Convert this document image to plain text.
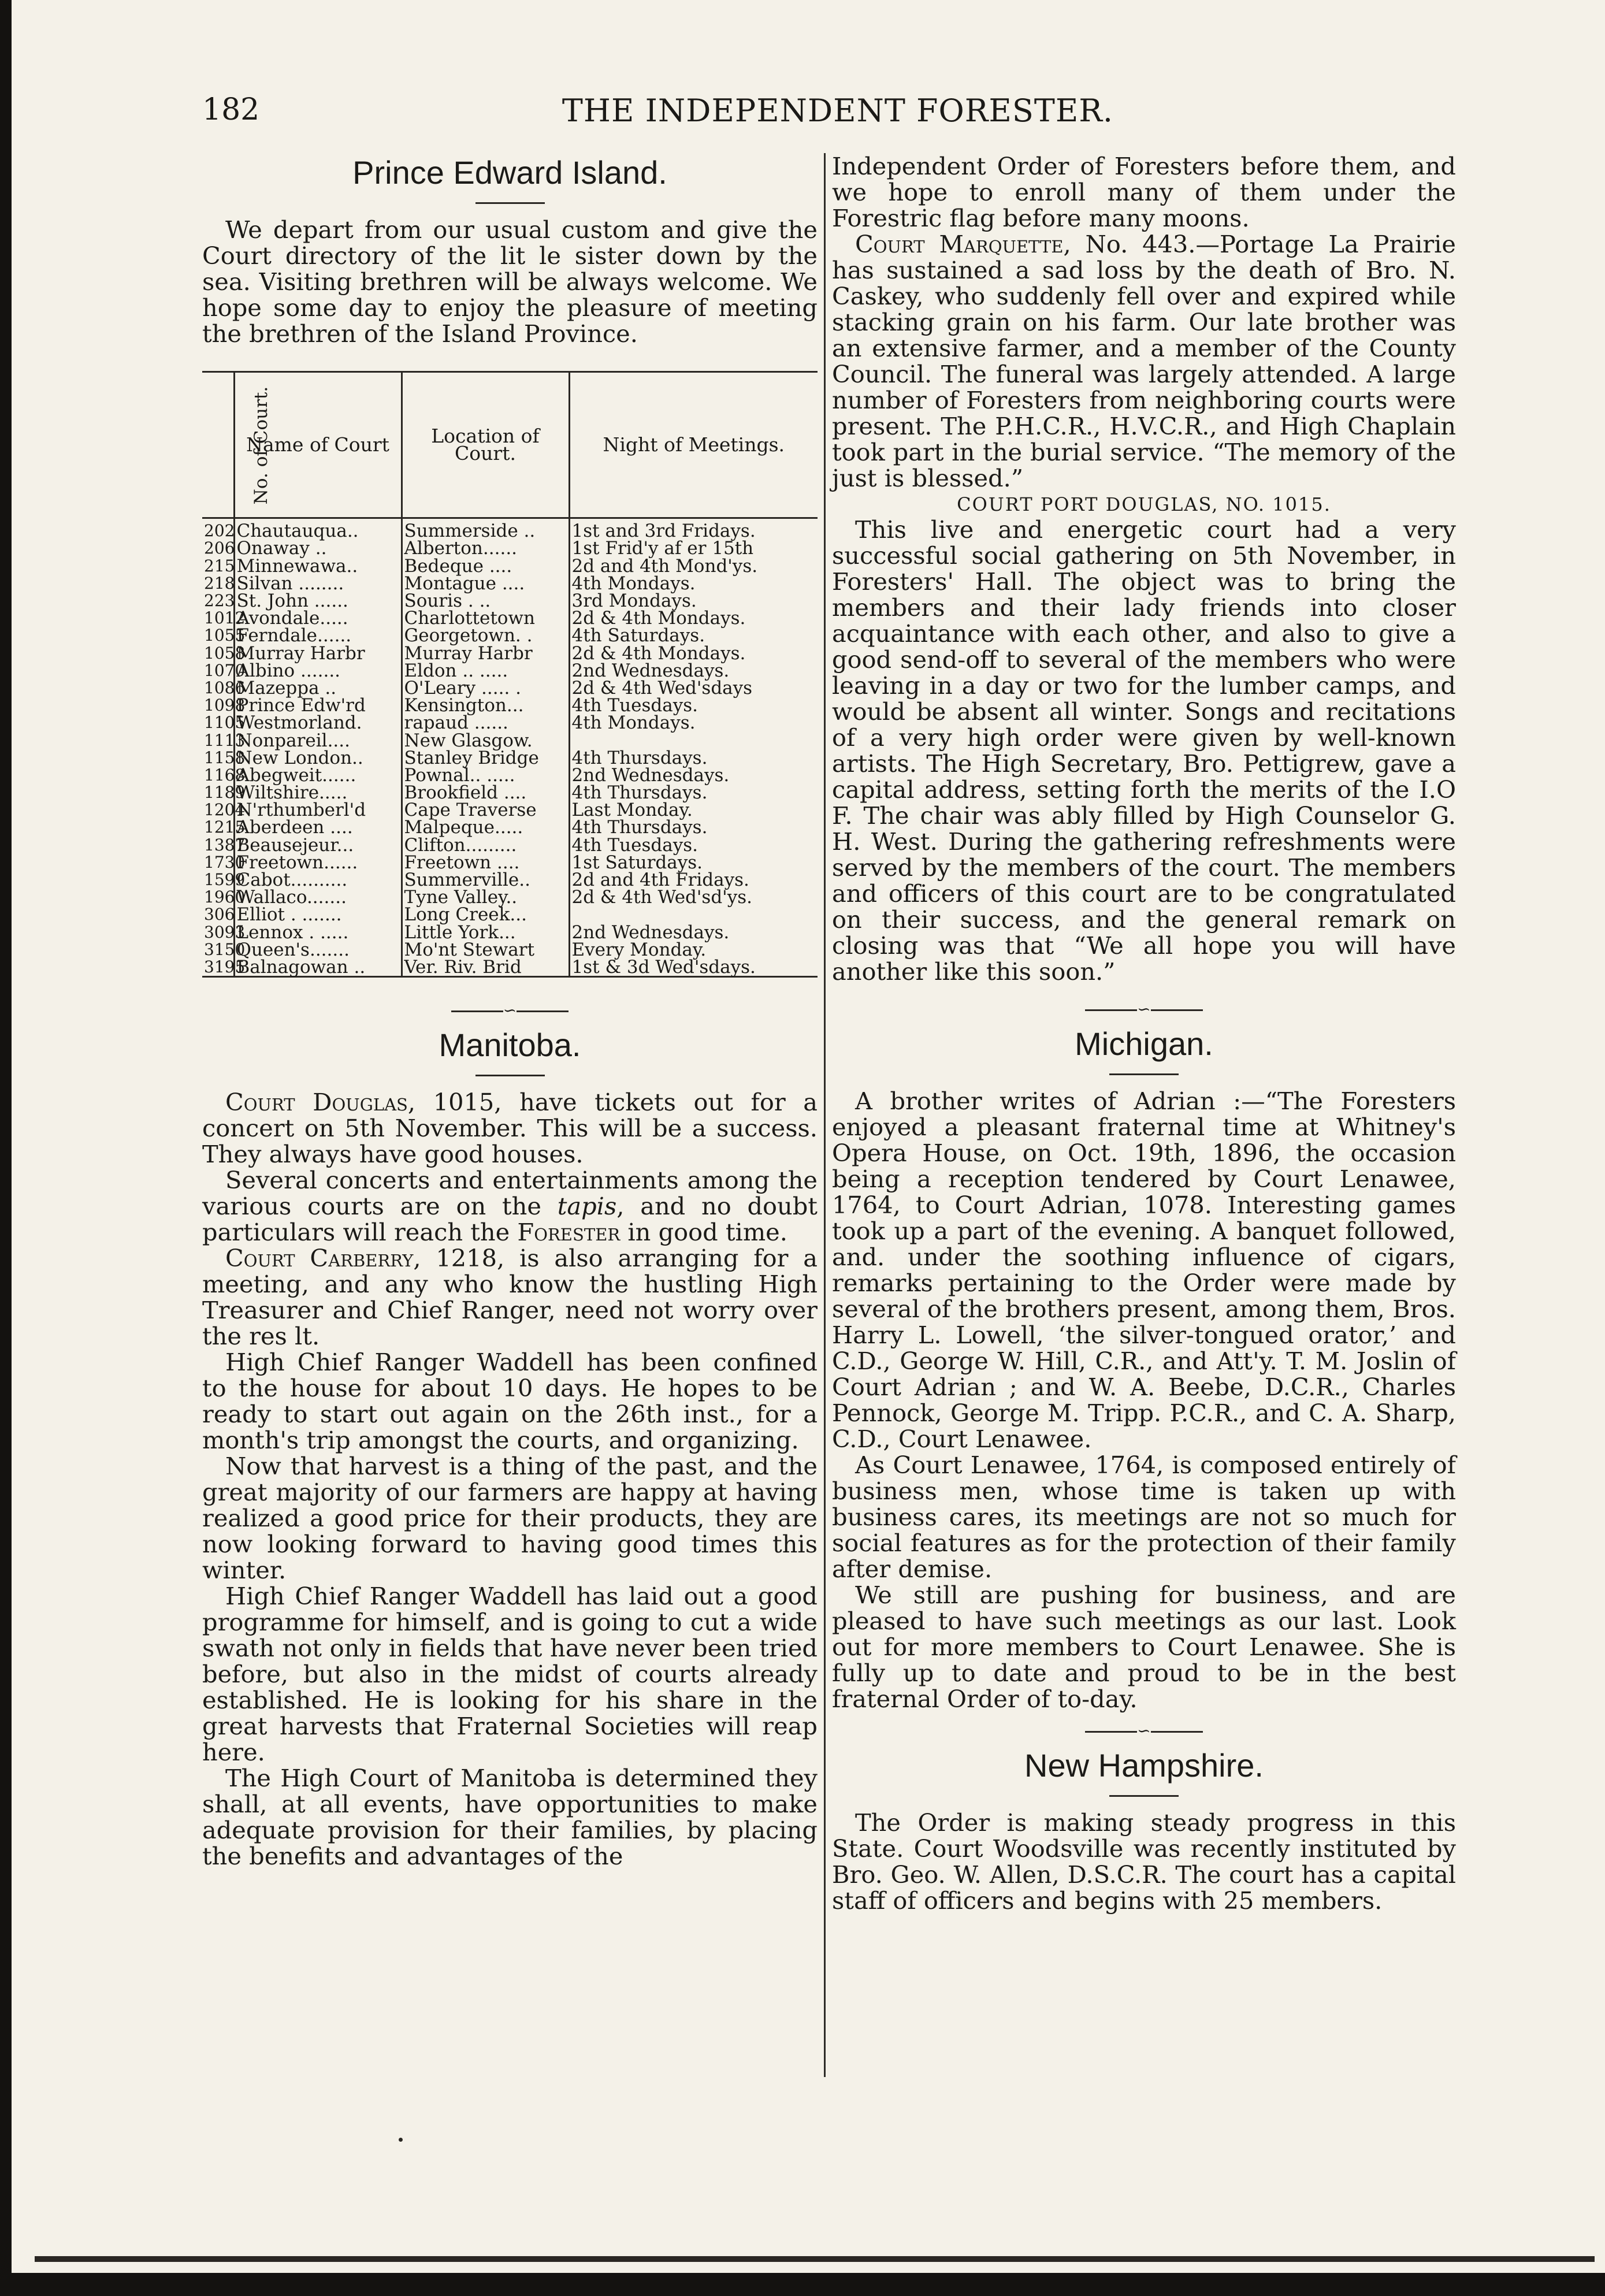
182	THE INDEPENDENT FORESTER.
Prince Edward Island.

We depart from our usual custom and give the Court directory of the lit le sister down by the sea. Visiting brethren will be always welcome. We hope some day to enjoy the pleasure of meeting the brethren of the Island Province.

No. of Court.	Name of Court	Location of Court.	Night of Meetings.
202	Chautauqua..	Summerside ..	1st and 3rd Fridays.
206	Onaway ..	Alberton......	1st Frid'y af er 15th
215	Minnewawa..	Bedeque ....	2d and 4th Mond'ys.
218	Silvan ........	Montague ....	4th Mondays.
223	St. John ......	Souris . ..	3rd Mondays.
1012	Avondale.....	Charlottetown	2d & 4th Mondays.
1055	Ferndale......	Georgetown. .	4th Saturdays.
1058	Murray Harbr	Murray Harbr	2d & 4th Mondays.
1070	Albino .......	Eldon .. .....	2nd Wednesdays.
1086	Mazeppa ..	O'Leary ..... .	2d & 4th Wed'sdays
1098	Prince Edw'rd	Kensington...	4th Tuesdays.
1105	Westmorland.	rapaud ......	4th Mondays.
1113	Nonpareil....	New Glasgow.	
1158	New London..	Stanley Bridge	4th Thursdays.
1168	Abegweit......	Pownal.. .....	2nd Wednesdays.
1189	Wiltshire.....	Brookfield ....	4th Thursdays.
1204	N'rthumberl'd	Cape Traverse	Last Monday.
1215	Aberdeen ....	Malpeque.....	4th Thursdays.
1387	Beausejeur...	Clifton.........	4th Tuesdays.
1730	Freetown......	Freetown ....	1st Saturdays.
1599	Cabot..........	Summerville..	2d and 4th Fridays.
1960	Wallaco.......	Tyne Valley..	2d & 4th Wed'sd'ys.
306	Elliot . .......	Long Creek...	
3093	Lennox . .....	Little York...	2nd Wednesdays.
3150	Queen's.......	Mo'nt Stewart	Every Monday.
3195	Balnagowan ..	Ver. Riv. Brid	1st & 3d Wed'sdays.
∽
Manitoba.

Court Douglas, 1015, have tickets out for a concert on 5th November. This will be a success. They always have good houses.

Several concerts and entertainments among the various courts are on the tapis, and no doubt particulars will reach the Forester in good time.

Court Carberry, 1218, is also arranging for a meeting, and any who know the hustling High Treasurer and Chief Ranger, need not worry over the res lt.

High Chief Ranger Waddell has been confined to the house for about 10 days. He hopes to be ready to start out again on the 26th inst., for a month's trip amongst the courts, and organizing.

Now that harvest is a thing of the past, and the great majority of our farmers are happy at having realized a good price for their products, they are now looking forward to having good times this winter.

High Chief Ranger Waddell has laid out a good programme for himself, and is going to cut a wide swath not only in fields that have never been tried before, but also in the midst of courts already established. He is looking for his share in the great harvests that Fraternal Societies will reap here.

The High Court of Manitoba is determined they shall, at all events, have opportunities to make adequate provision for their families, by placing the benefits and advantages of the

Independent Order of Foresters before them, and we hope to enroll many of them under the Forestric flag before many moons.

Court Marquette, No. 443.—Portage La Prairie has sustained a sad loss by the death of Bro. N. Caskey, who suddenly fell over and expired while stacking grain on his farm. Our late brother was an extensive farmer, and a member of the County Council. The funeral was largely attended. A large number of Foresters from neighboring courts were present. The P.H.C.R., H.V.C.R., and High Chaplain took part in the burial service. “The memory of the just is blessed.”

COURT PORT DOUGLAS, NO. 1015.

This live and energetic court had a very successful social gathering on 5th November, in Foresters' Hall. The object was to bring the members and their lady friends into closer acquaintance with each other, and also to give a good send-off to several of the members who were leaving in a day or two for the lumber camps, and would be absent all winter. Songs and recitations of a very high order were given by well-known artists. The High Secretary, Bro. Pettigrew, gave a capital address, setting forth the merits of the I.O F. The chair was ably filled by High Counselor G. H. West. During the gathering refreshments were served by the members of the court. The members and officers of this court are to be congratulated on their success, and the general remark on closing was that “We all hope you will have another like this soon.”

∽
Michigan.

A brother writes of Adrian :—“The Foresters enjoyed a pleasant fraternal time at Whitney's Opera House, on Oct. 19th, 1896, the occasion being a reception tendered by Court Lenawee, 1764, to Court Adrian, 1078. Interesting games took up a part of the evening. A banquet followed, and. under the soothing influence of cigars, remarks pertaining to the Order were made by several of the brothers present, among them, Bros. Harry L. Lowell, ‘the silver-tongued orator,’ and C.D., George W. Hill, C.R., and Att'y. T. M. Joslin of Court Adrian ; and W. A. Beebe, D.C.R., Charles Pennock, George M. Tripp. P.C.R., and C. A. Sharp, C.D., Court Lenawee.

As Court Lenawee, 1764, is composed entirely of business men, whose time is taken up with business cares, its meetings are not so much for social features as for the protection of their family after demise.

We still are pushing for business, and are pleased to have such meetings as our last. Look out for more members to Court Lenawee. She is fully up to date and proud to be in the best fraternal Order of to-day.

∽
New Hampshire.

The Order is making steady progress in this State. Court Woodsville was recently instituted by Bro. Geo. W. Allen, D.S.C.R. The court has a capital staff of officers and begins with 25 members.
